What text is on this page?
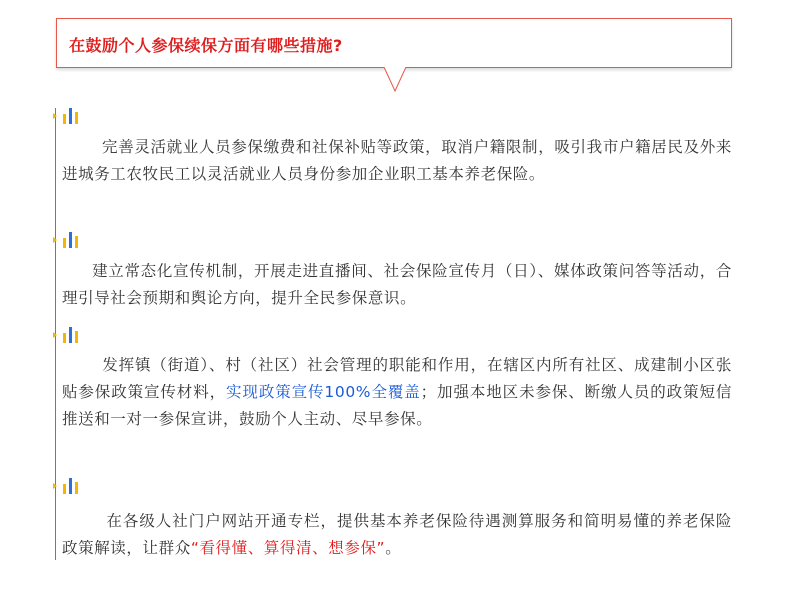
在鼓励个人参保续保方面有哪些措施?
完善灵活就业人员参保缴费和社保补贴等政策，取消户籍限制，吸引我市户籍居民及外来进城务工农牧民工以灵活就业人员身份参加企业职工基本养老保险。
建立常态化宣传机制，开展走进直播间、社会保险宣传月（日）、媒体政策问答等活动，合理引导社会预期和舆论方向，提升全民参保意识。
发挥镇（街道）、村（社区）社会管理的职能和作用，在辖区内所有社区、成建制小区张贴参保政策宣传材料，实现政策宣传100%全覆盖；加强本地区未参保、断缴人员的政策短信推送和一对一参保宣讲，鼓励个人主动、尽早参保。
在各级人社门户网站开通专栏，提供基本养老保险待遇测算服务和简明易懂的养老保险政策解读，让群众“看得懂、算得清、想参保”。
